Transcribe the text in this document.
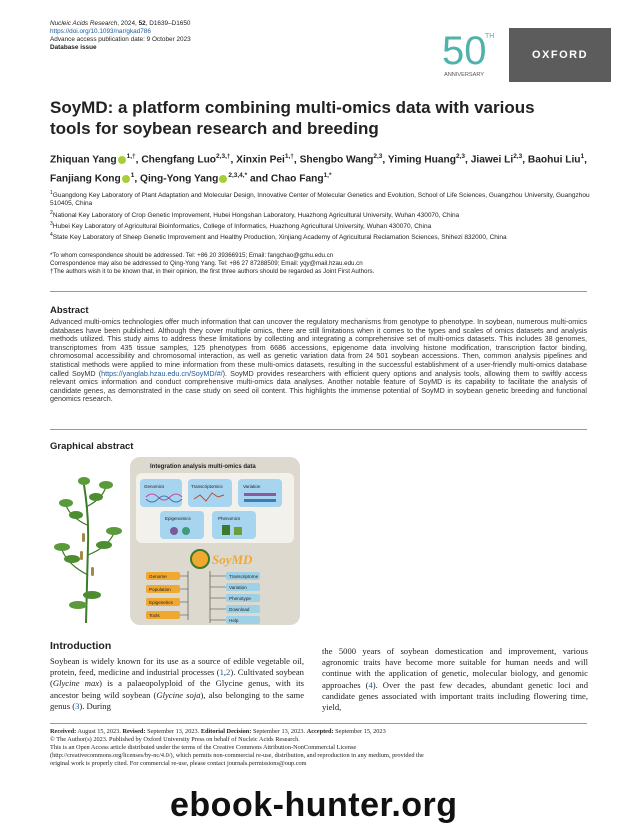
Nucleic Acids Research, 2024, 52, D1639–D1650
https://doi.org/10.1093/nar/gkad786
Advance access publication date: 9 October 2023
Database issue	50
TH
ANNIVERSARY
OXFORD
SoyMD: a platform combining multi-omics data with various tools for soybean research and breeding
Zhiquan Yang $^{1,\dagger}$, Chengfang Luo$^{2,3,\dagger}$, Xinxin Pei$^{1,\dagger}$, Shengbo Wang$^{2,3}$, Yiming Huang$^{2,3}$, Jiawei Li$^{2,3}$, Baohui Liu$^1$, Fanjiang Kong $^1$, Qing-Yong Yang $^{2,3,4,*}$ and Chao Fang$^{1,*}$
$^1$Guangdong Key Laboratory of Plant Adaptation and Molecular Design, Innovative Center of Molecular Genetics and Evolution, School of Life Sciences, Guangzhou University, Guangzhou 510405, China
$^2$National Key Laboratory of Crop Genetic Improvement, Hubei Hongshan Laboratory, Huazhong Agricultural University, Wuhan 430070, China
$^3$Hubei Key Laboratory of Agricultural Bioinformatics, College of Informatics, Huazhong Agricultural University, Wuhan 430070, China
$^4$State Key Laboratory of Sheep Genetic Improvement and Healthy Production, Xinjiang Academy of Agricultural Reclamation Sciences, Shihezi 832000, China
*To whom correspondence should be addressed. Tel: +86 20 39366915; Email: fangchao@gzhu.edu.cn
Correspondence may also be addressed to Qing-Yong Yang. Tel: +86 27 87288509; Email: yqy@mail.hzau.edu.cn
†The authors wish it to be known that, in their opinion, the first three authors should be regarded as Joint First Authors.
Abstract
Advanced multi-omics technologies offer much information that can uncover the regulatory mechanisms from genotype to phenotype. In soybean, numerous multi-omics databases have been published. Although they cover multiple omics, there are still limitations when it comes to the types and scales of omics datasets and analysis methods utilized. This study aims to address these limitations by collecting and integrating a comprehensive set of multi-omics datasets. This includes 38 genomes, transcriptomes from 435 tissue samples, 125 phenotypes from 6686 accessions, epigenome data involving histone modification, transcription factor binding, chromosomal accessibility and chromosomal interaction, as well as genetic variation data from 24 501 soybean accessions. Then, common analysis pipelines and statistical methods were applied to mine information from these multi-omics datasets, resulting in the successful establishment of a user-friendly multi-omics database called SoyMD (https://yanglab.hzau.edu.cn/SoyMD/#/). SoyMD provides researchers with efficient query options and analysis tools, allowing them to swiftly access relevant omics information and conduct comprehensive multi-omics data analyses. Another notable feature of SoyMD is its capability to facilitate the analysis of candidate genes, as demonstrated in the case study on seed oil content. This highlights the immense potential of SoyMD in soybean genetic breeding and functional genomics research.
Graphical abstract
Integration analysis multi-omics data
Genomics	Transcriptomics	Variation
Epigenomics	Phenomics
SoyMD
Genome
Population
Epigenetics
Tools
Transcriptome
Variation
Phenotype
Download
Help
Introduction
Soybean is widely known for its use as a source of edible vegetable oil, protein, feed, medicine and industrial processes (1,2). Cultivated soybean (Glycine max) is a palaeopolyploid of the Glycine genus, with its ancestor being wild soybean (Glycine soja), also belonging to the same genus (3). During
the 5000 years of soybean domestication and improvement, various agronomic traits have become more suitable for human needs and will continue with the application of genetic, molecular biology, and genomic approaches (4). Over the past few decades, abundant genetic loci and candidate genes associated with important traits including flowering time, yield,
Received: August 15, 2023. Revised: September 13, 2023. Editorial Decision: September 13, 2023. Accepted: September 15, 2023
© The Author(s) 2023. Published by Oxford University Press on behalf of Nucleic Acids Research.
This is an Open Access article distributed under the terms of the Creative Commons Attribution-NonCommercial License
(http://creativecommons.org/licenses/by-nc/4.0/), which permits non-commercial re-use, distribution, and reproduction in any medium, provided the
original work is properly cited. For commercial re-use, please contact journals.permissions@oup.com
ebook-hunter.org
